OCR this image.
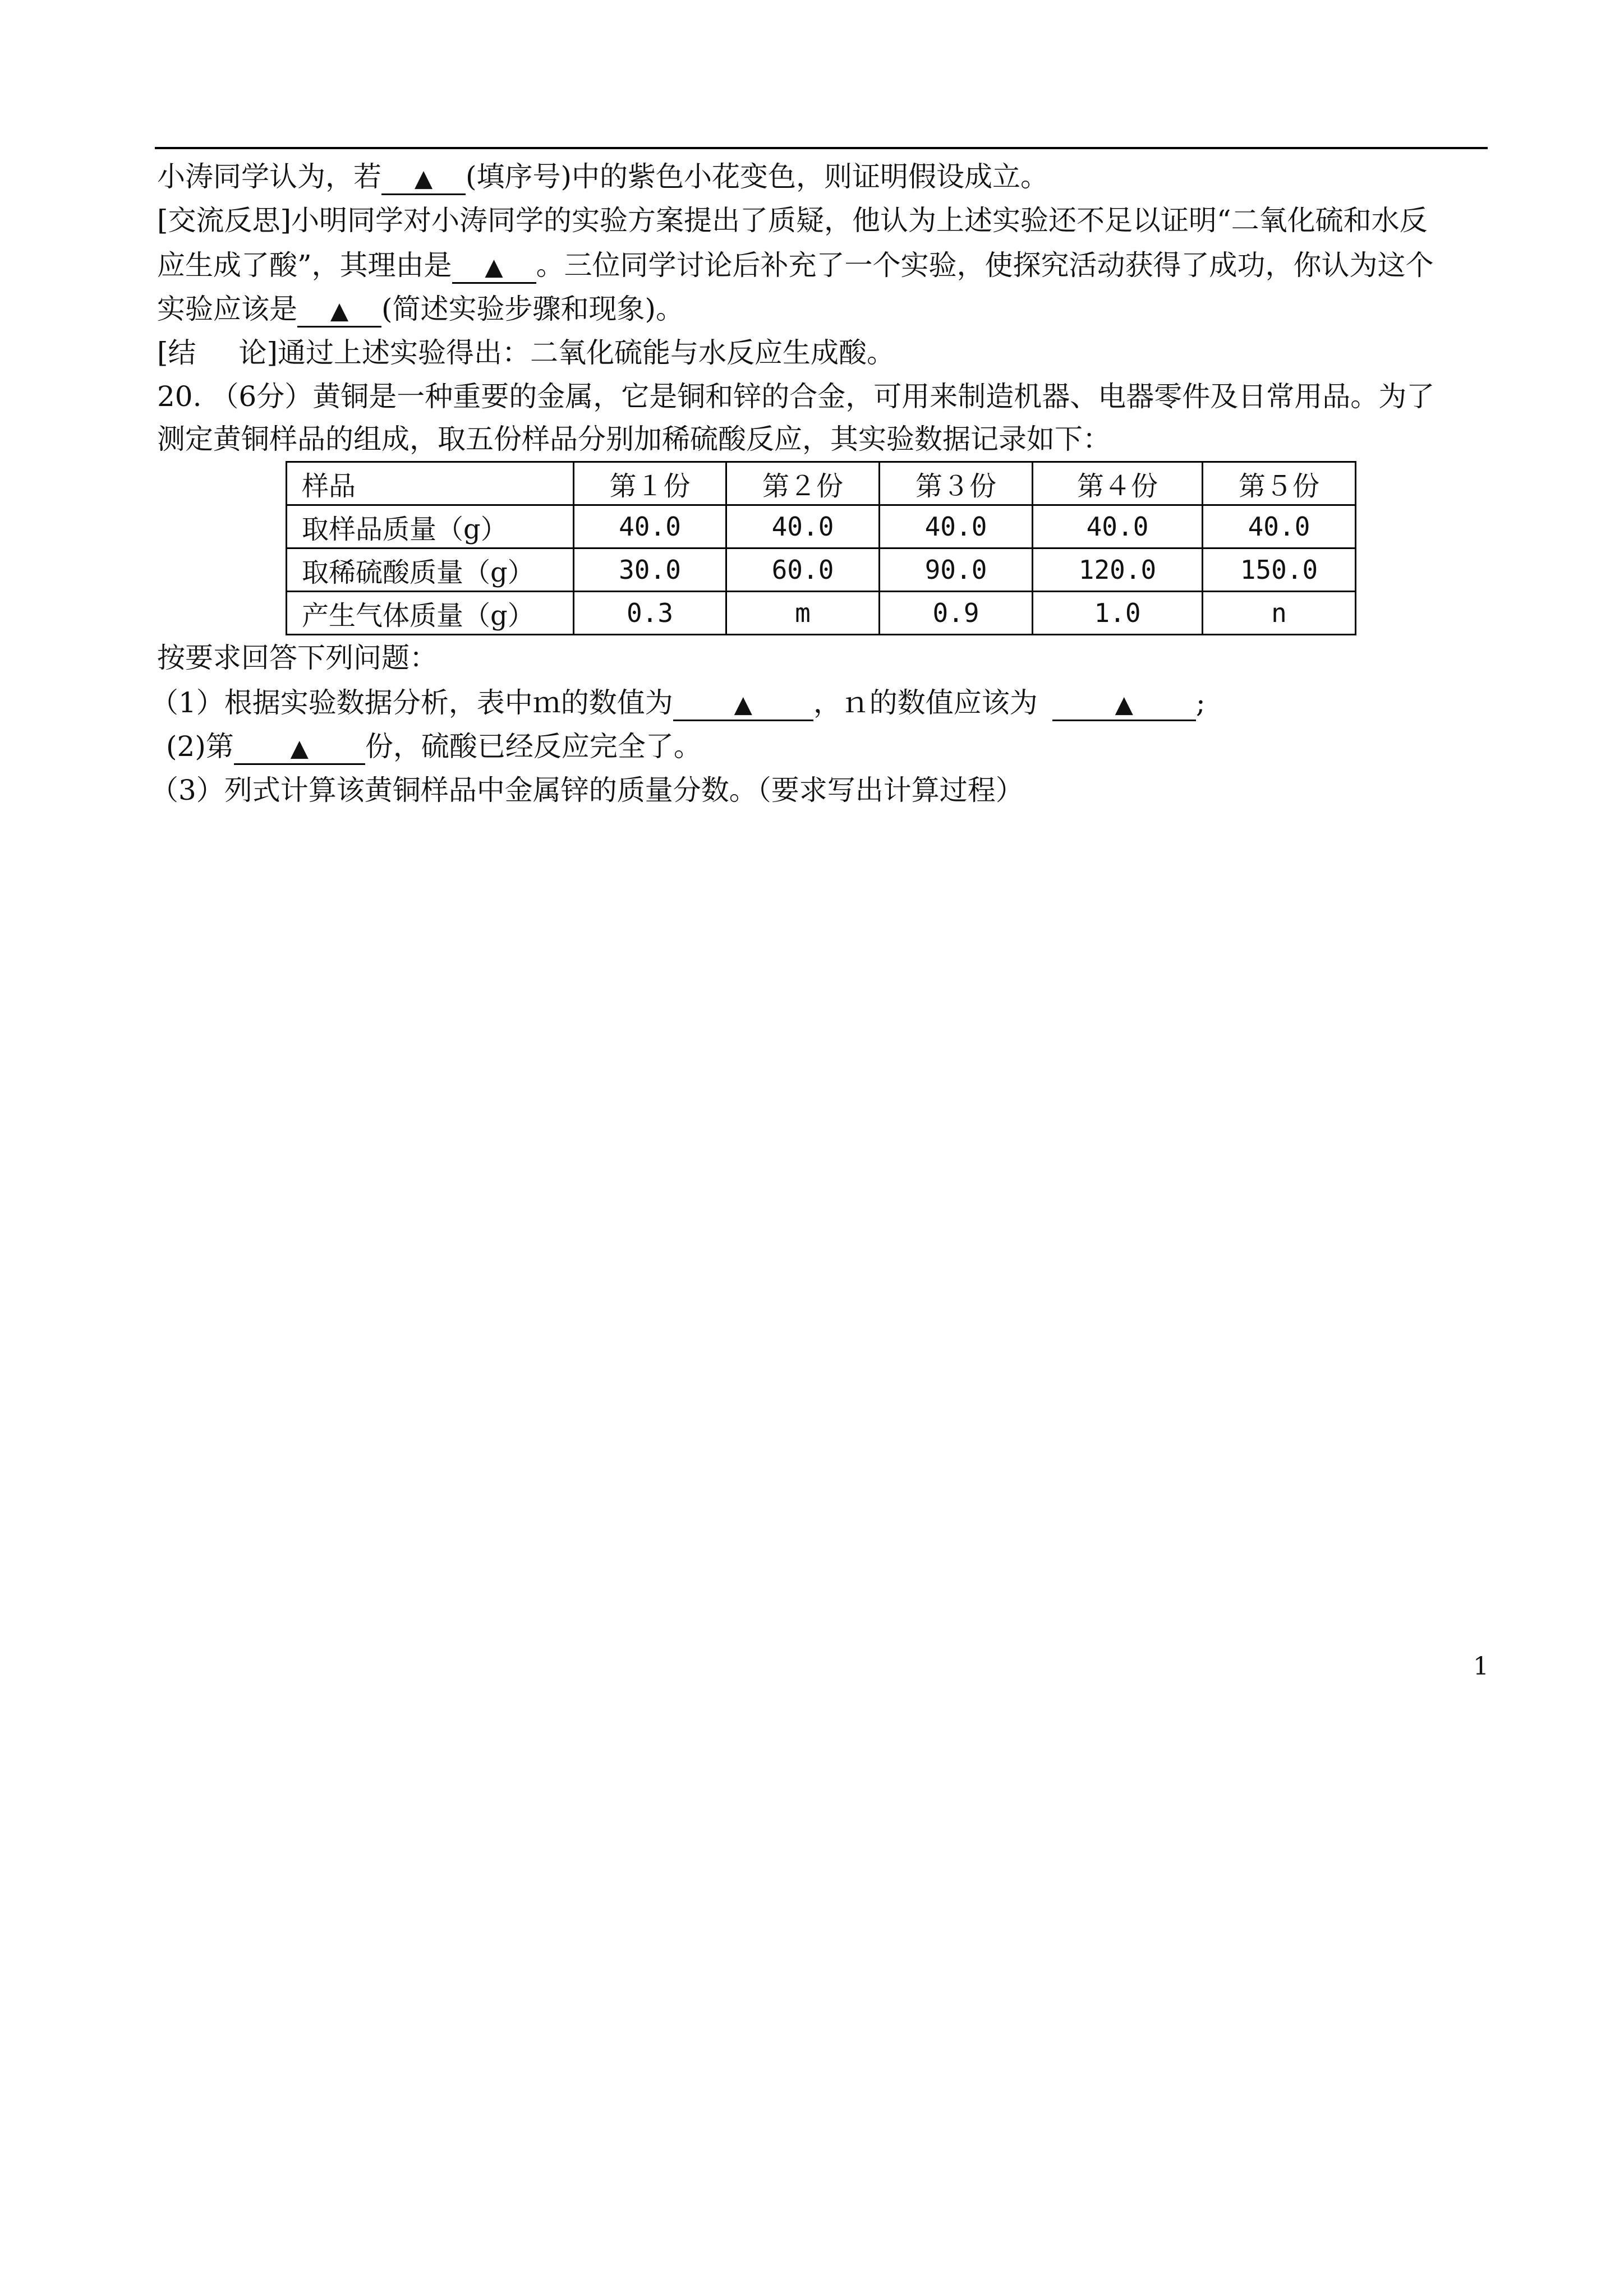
小涛同学认为，若 ▲ (填序号)中的紫色小花变色，则证明假设成立。
[交流反思]小明同学对小涛同学的实验方案提出了质疑，他认为上述实验还不足以证明“二氧化硫和水反
应生成了酸”，其理由是 ▲ 。三位同学讨论后补充了一个实验，使探究活动获得了成功，你认为这个
实验应该是 ▲ (简述实验步骤和现象)。
[结 论]通过上述实验得出：二氧化硫能与水反应生成酸。
20. （6分）黄铜是一种重要的金属，它是铜和锌的合金，可用来制造机器、电器零件及日常用品。为了
测定黄铜样品的组成，取五份样品分别加稀硫酸反应，其实验数据记录如下：
样品	第１份	第２份	第３份	第４份	第５份
取样品质量（g）	40.0	40.0	40.0	40.0	40.0
取稀硫酸质量（g）	30.0	60.0	90.0	120.0	150.0
产生气体质量（g）	0.3	m	0.9	1.0	n
按要求回答下列问题：
（1）根据实验数据分析，表中ｍ的数值为	▲ ，ｎ的数值应该为	▲ ;
(2)第 ▲ 份，硫酸已经反应完全了。
（3）列式计算该黄铜样品中金属锌的质量分数。（要求写出计算过程）
1
